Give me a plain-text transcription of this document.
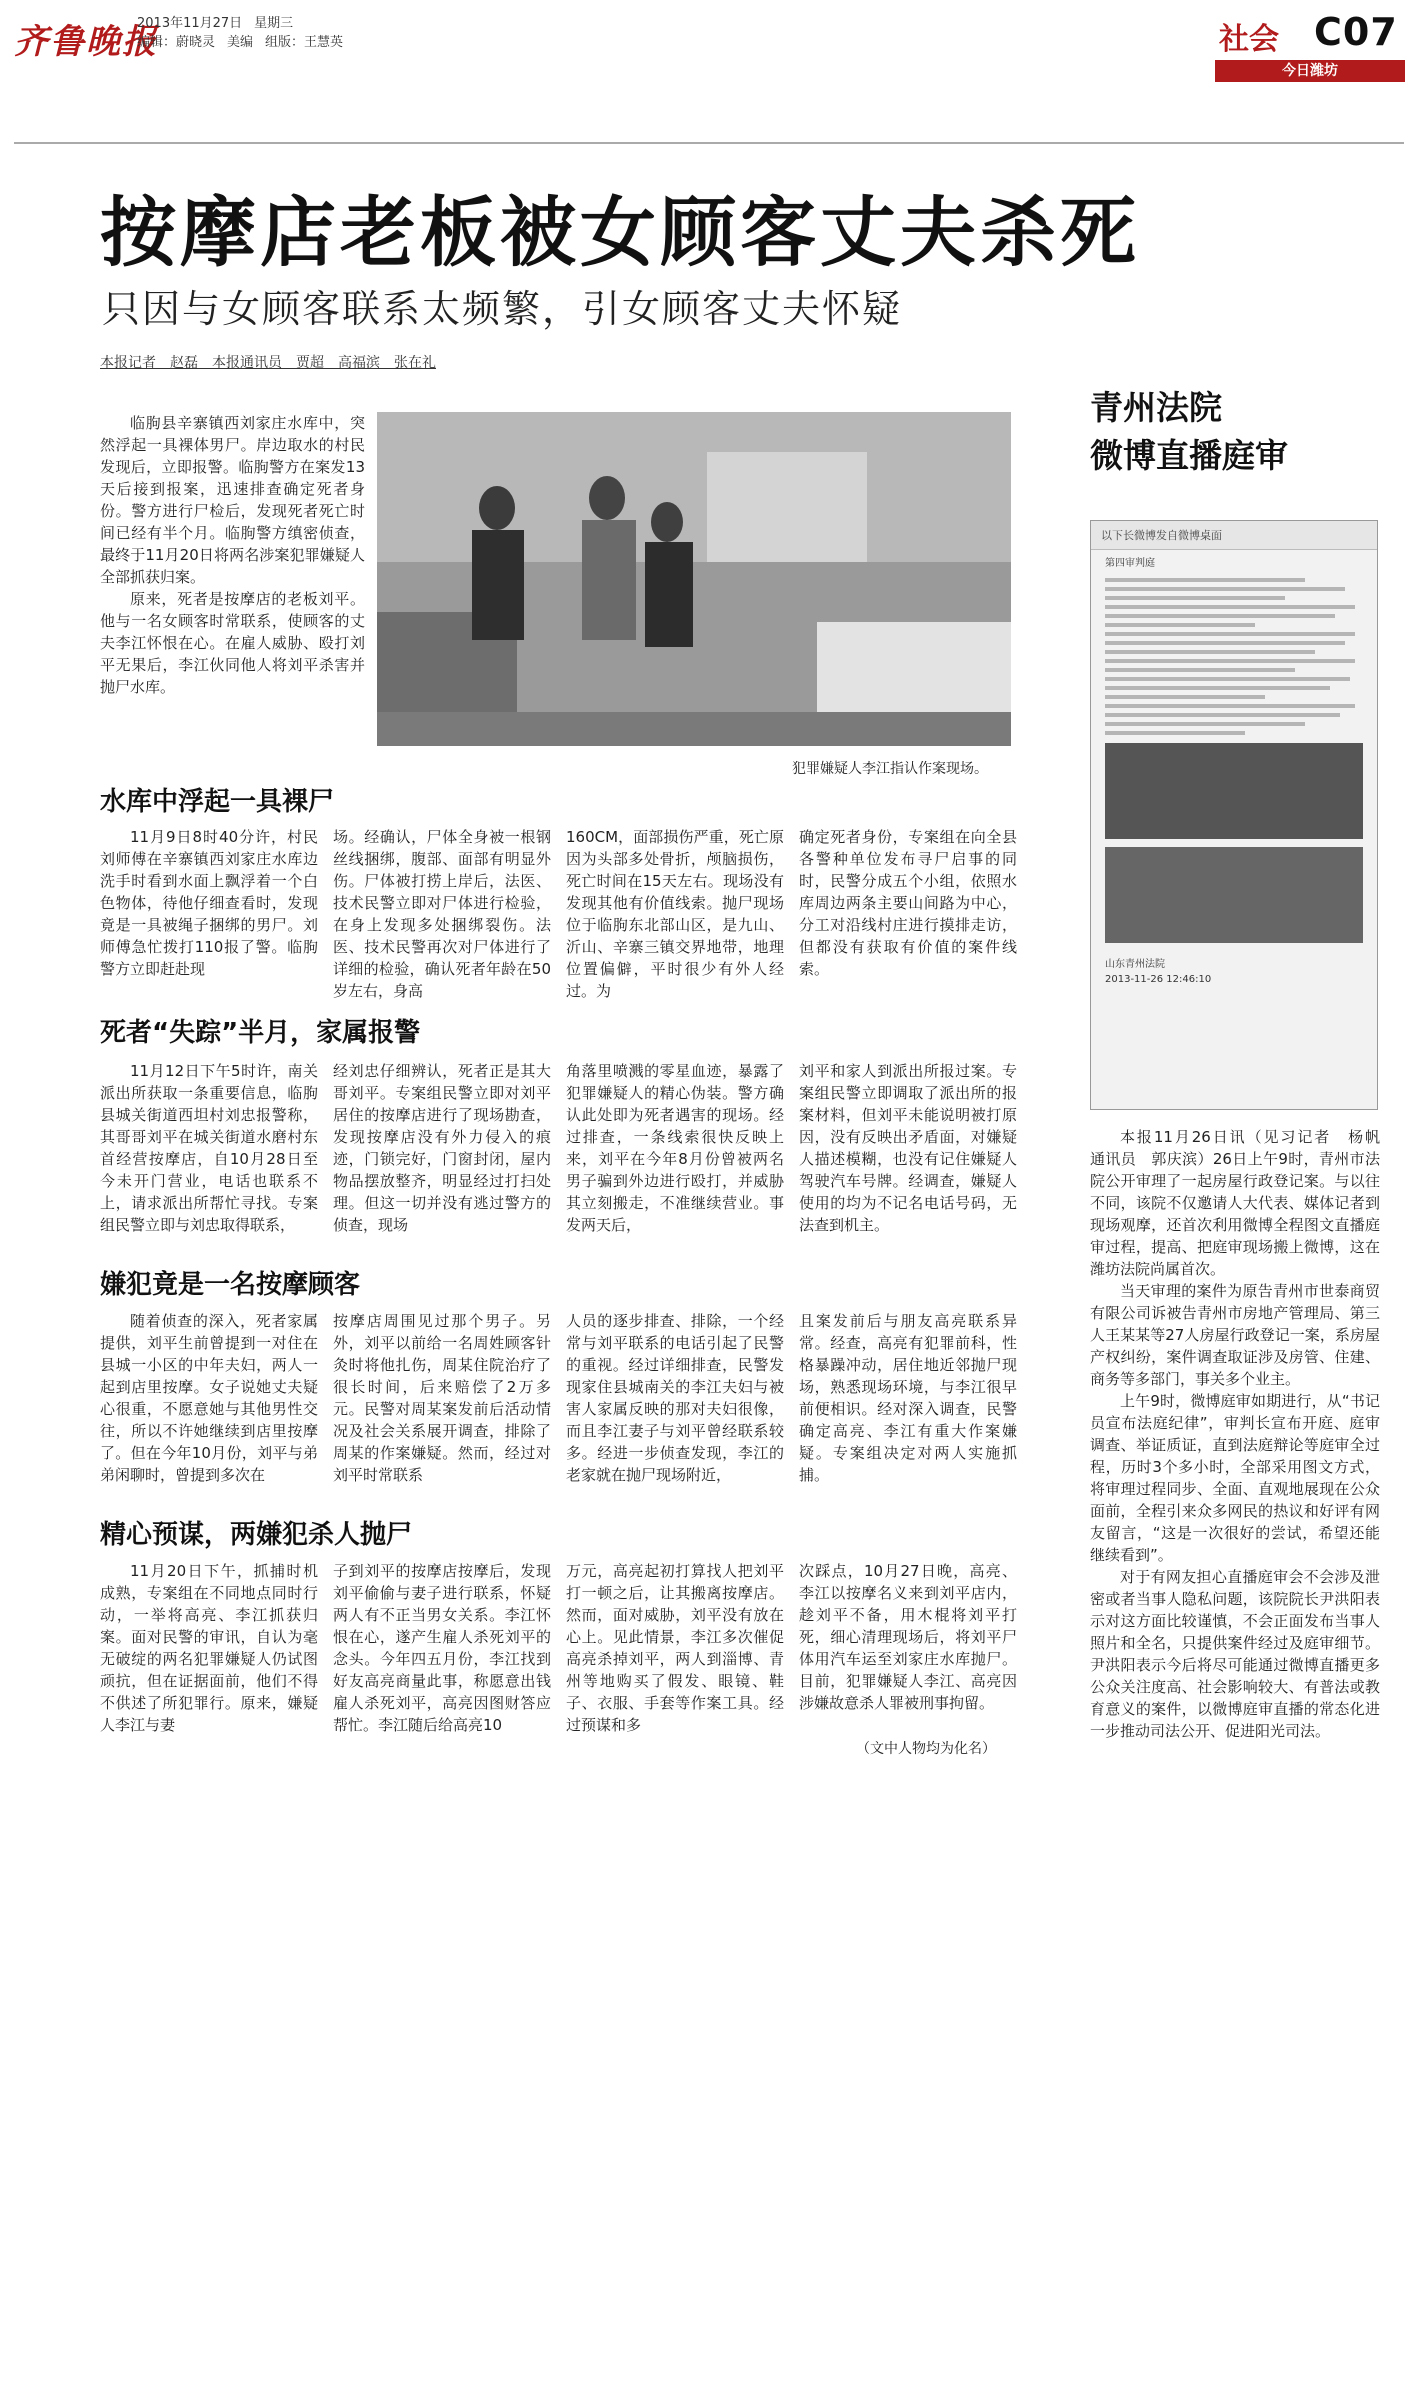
齐鲁晚报
2013年11月27日 星期三
编辑：蔚晓灵 美编 组版：王慧英	社会 C07
今日潍坊
按摩店老板被女顾客丈夫杀死
只因与女顾客联系太频繁，引女顾客丈夫怀疑
本报记者　赵磊　本报通讯员　贾超　高福滨　张在礼

临朐县辛寨镇西刘家庄水库中，突然浮起一具裸体男尸。岸边取水的村民发现后，立即报警。临朐警方在案发13天后接到报案，迅速排查确定死者身份。警方进行尸检后，发现死者死亡时间已经有半个月。临朐警方缜密侦查，最终于11月20日将两名涉案犯罪嫌疑人全部抓获归案。

原来，死者是按摩店的老板刘平。他与一名女顾客时常联系，使顾客的丈夫李江怀恨在心。在雇人威胁、殴打刘平无果后，李江伙同他人将刘平杀害并抛尸水库。

犯罪嫌疑人李江指认作案现场。
水库中浮起一具裸尸
11月9日8时40分许，村民刘师傅在辛寨镇西刘家庄水库边洗手时看到水面上飘浮着一个白色物体，待他仔细查看时，发现竟是一具被绳子捆绑的男尸。刘师傅急忙拨打110报了警。临朐警方立即赶赴现
场。经确认，尸体全身被一根钢丝线捆绑，腹部、面部有明显外伤。尸体被打捞上岸后，法医、技术民警立即对尸体进行检验，在身上发现多处捆绑裂伤。法医、技术民警再次对尸体进行了详细的检验，确认死者年龄在50岁左右，身高
160CM，面部损伤严重，死亡原因为头部多处骨折，颅脑损伤，死亡时间在15天左右。现场没有发现其他有价值线索。抛尸现场位于临朐东北部山区，是九山、沂山、辛寨三镇交界地带，地理位置偏僻，平时很少有外人经过。为
确定死者身份，专案组在向全县各警种单位发布寻尸启事的同时，民警分成五个小组，依照水库周边两条主要山间路为中心，分工对沿线村庄进行摸排走访，但都没有获取有价值的案件线索。
死者“失踪”半月，家属报警
11月12日下午5时许，南关派出所获取一条重要信息，临朐县城关街道西坦村刘忠报警称，其哥哥刘平在城关街道水磨村东首经营按摩店，自10月28日至今未开门营业，电话也联系不上，请求派出所帮忙寻找。专案组民警立即与刘忠取得联系，
经刘忠仔细辨认，死者正是其大哥刘平。专案组民警立即对刘平居住的按摩店进行了现场勘查，发现按摩店没有外力侵入的痕迹，门锁完好，门窗封闭，屋内物品摆放整齐，明显经过打扫处理。但这一切并没有逃过警方的侦查，现场
角落里喷溅的零星血迹，暴露了犯罪嫌疑人的精心伪装。警方确认此处即为死者遇害的现场。经过排查，一条线索很快反映上来，刘平在今年8月份曾被两名男子骗到外边进行殴打，并威胁其立刻搬走，不准继续营业。事发两天后，
刘平和家人到派出所报过案。专案组民警立即调取了派出所的报案材料，但刘平未能说明被打原因，没有反映出矛盾面，对嫌疑人描述模糊，也没有记住嫌疑人驾驶汽车号牌。经调查，嫌疑人使用的均为不记名电话号码，无法查到机主。
嫌犯竟是一名按摩顾客
随着侦查的深入，死者家属提供，刘平生前曾提到一对住在县城一小区的中年夫妇，两人一起到店里按摩。女子说她丈夫疑心很重，不愿意她与其他男性交往，所以不许她继续到店里按摩了。但在今年10月份，刘平与弟弟闲聊时，曾提到多次在
按摩店周围见过那个男子。另外，刘平以前给一名周姓顾客针灸时将他扎伤，周某住院治疗了很长时间，后来赔偿了2万多元。民警对周某案发前后活动情况及社会关系展开调查，排除了周某的作案嫌疑。然而，经过对刘平时常联系
人员的逐步排查、排除，一个经常与刘平联系的电话引起了民警的重视。经过详细排查，民警发现家住县城南关的李江夫妇与被害人家属反映的那对夫妇很像，而且李江妻子与刘平曾经联系较多。经进一步侦查发现，李江的老家就在抛尸现场附近，
且案发前后与朋友高亮联系异常。经查，高亮有犯罪前科，性格暴躁冲动，居住地近邻抛尸现场，熟悉现场环境，与李江很早前便相识。经对深入调查，民警确定高亮、李江有重大作案嫌疑。专案组决定对两人实施抓捕。
精心预谋，两嫌犯杀人抛尸
11月20日下午，抓捕时机成熟，专案组在不同地点同时行动，一举将高亮、李江抓获归案。面对民警的审讯，自认为毫无破绽的两名犯罪嫌疑人仍试图顽抗，但在证据面前，他们不得不供述了所犯罪行。原来，嫌疑人李江与妻
子到刘平的按摩店按摩后，发现刘平偷偷与妻子进行联系，怀疑两人有不正当男女关系。李江怀恨在心，遂产生雇人杀死刘平的念头。今年四五月份，李江找到好友高亮商量此事，称愿意出钱雇人杀死刘平，高亮因图财答应帮忙。李江随后给高亮10
万元，高亮起初打算找人把刘平打一顿之后，让其搬离按摩店。然而，面对威胁，刘平没有放在心上。见此情景，李江多次催促高亮杀掉刘平，两人到淄博、青州等地购买了假发、眼镜、鞋子、衣服、手套等作案工具。经过预谋和多
次踩点，10月27日晚，高亮、李江以按摩名义来到刘平店内，趁刘平不备，用木棍将刘平打死，细心清理现场后，将刘平尸体用汽车运至刘家庄水库抛尸。目前，犯罪嫌疑人李江、高亮因涉嫌故意杀人罪被刑事拘留。
（文中人物均为化名）
青州法院
微博直播庭审
以下长微博发自微博桌面
第四审判庭
山东青州法院
2013-11-26 12:46:10

本报11月26日讯（见习记者　杨帆　通讯员　郭庆滨）26日上午9时，青州市法院公开审理了一起房屋行政登记案。与以往不同，该院不仅邀请人大代表、媒体记者到现场观摩，还首次利用微博全程图文直播庭审过程，提高、把庭审现场搬上微博，这在潍坊法院尚属首次。

当天审理的案件为原告青州市世泰商贸有限公司诉被告青州市房地产管理局、第三人王某某等27人房屋行政登记一案，系房屋产权纠纷，案件调查取证涉及房管、住建、商务等多部门，事关多个业主。

上午9时，微博庭审如期进行，从“书记员宣布法庭纪律”，审判长宣布开庭、庭审调查、举证质证，直到法庭辩论等庭审全过程，历时3个多小时，全部采用图文方式，将审理过程同步、全面、直观地展现在公众面前，全程引来众多网民的热议和好评有网友留言，“这是一次很好的尝试，希望还能继续看到”。

对于有网友担心直播庭审会不会涉及泄密或者当事人隐私问题，该院院长尹洪阳表示对这方面比较谨慎，不会正面发布当事人照片和全名，只提供案件经过及庭审细节。尹洪阳表示今后将尽可能通过微博直播更多公众关注度高、社会影响较大、有普法或教育意义的案件，以微博庭审直播的常态化进一步推动司法公开、促进阳光司法。
